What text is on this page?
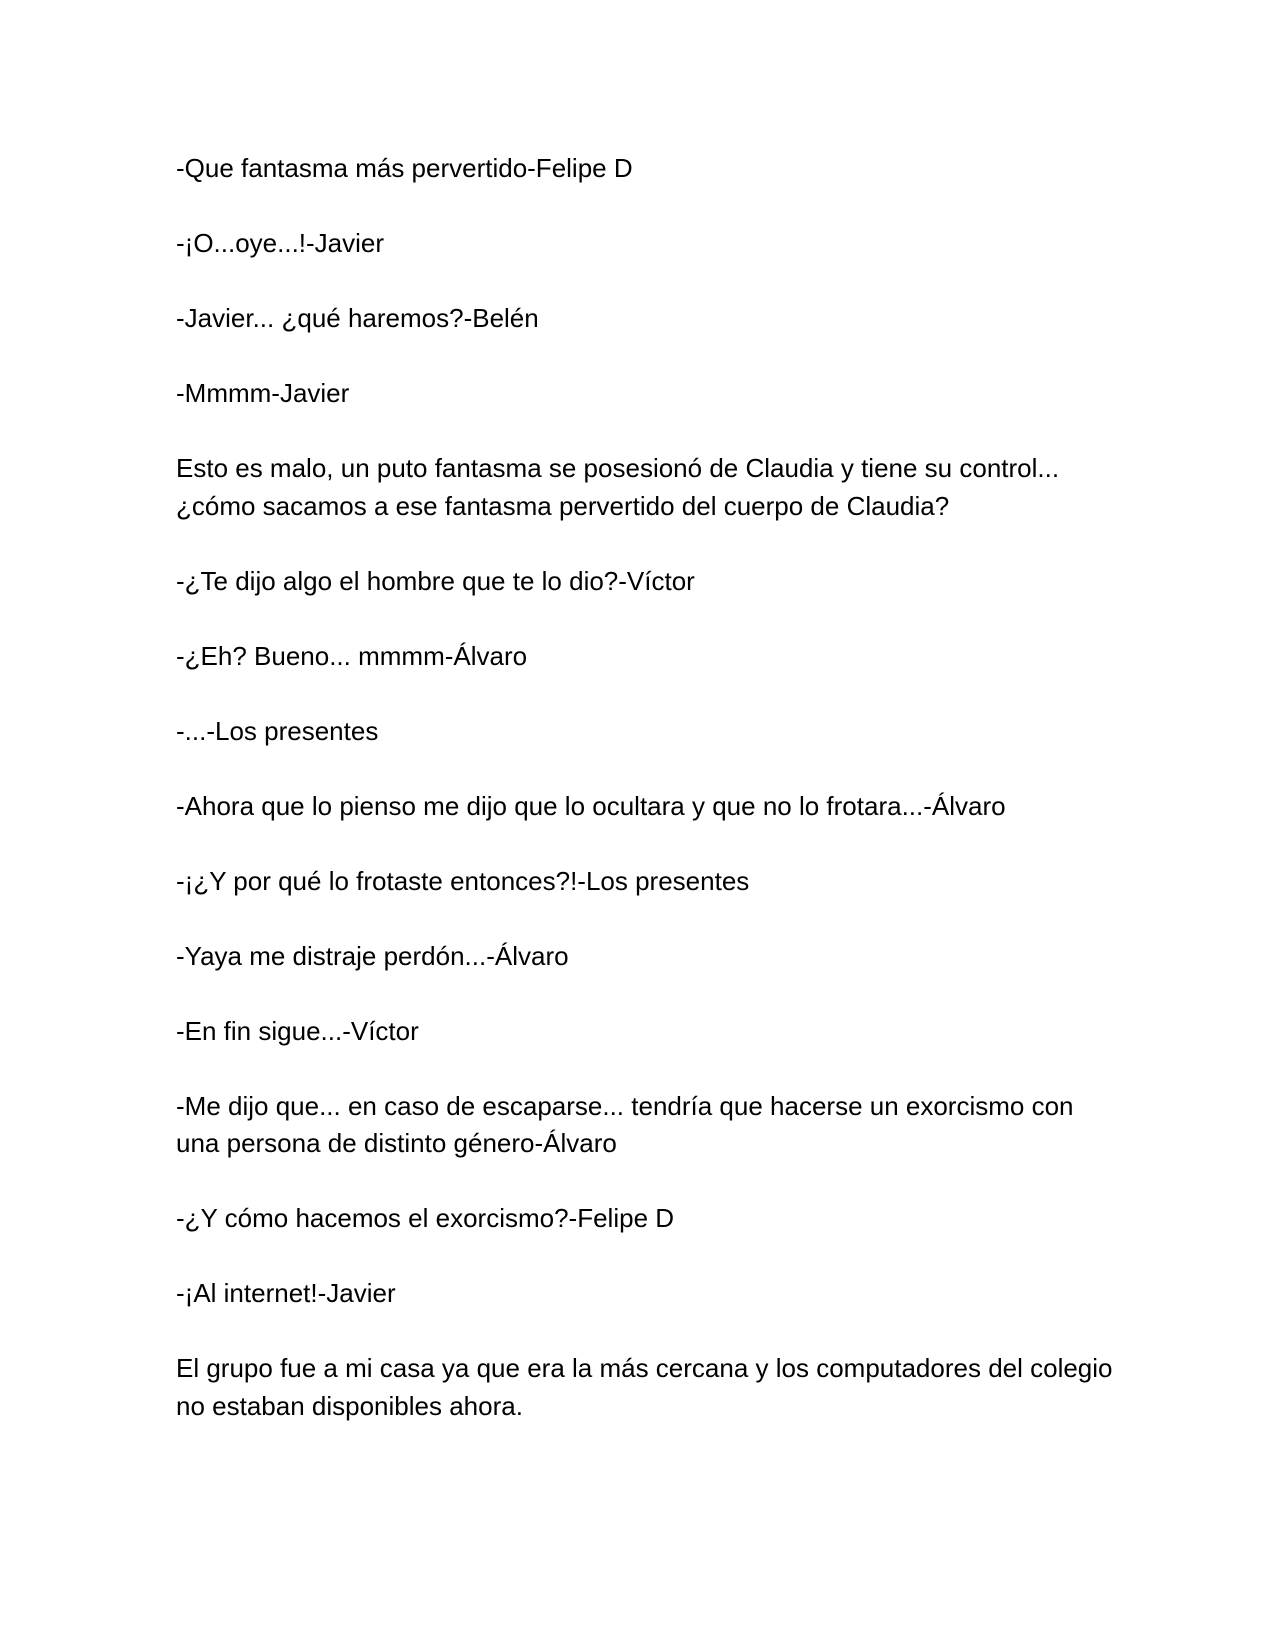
-Que fantasma más pervertido-Felipe D

-¡O...oye...!-Javier

-Javier... ¿qué haremos?-Belén

-Mmmm-Javier

Esto es malo, un puto fantasma se posesionó de Claudia y tiene su control... ¿cómo sacamos a ese fantasma pervertido del cuerpo de Claudia?

-¿Te dijo algo el hombre que te lo dio?-Víctor

-¿Eh? Bueno... mmmm-Álvaro

-...-Los presentes

-Ahora que lo pienso me dijo que lo ocultara y que no lo frotara...-Álvaro

-¡¿Y por qué lo frotaste entonces?!-Los presentes

-Yaya me distraje perdón...-Álvaro

-En fin sigue...-Víctor

-Me dijo que... en caso de escaparse... tendría que hacerse un exorcismo con una persona de distinto género-Álvaro

-¿Y cómo hacemos el exorcismo?-Felipe D

-¡Al internet!-Javier

El grupo fue a mi casa ya que era la más cercana y los computadores del colegio no estaban disponibles ahora.
